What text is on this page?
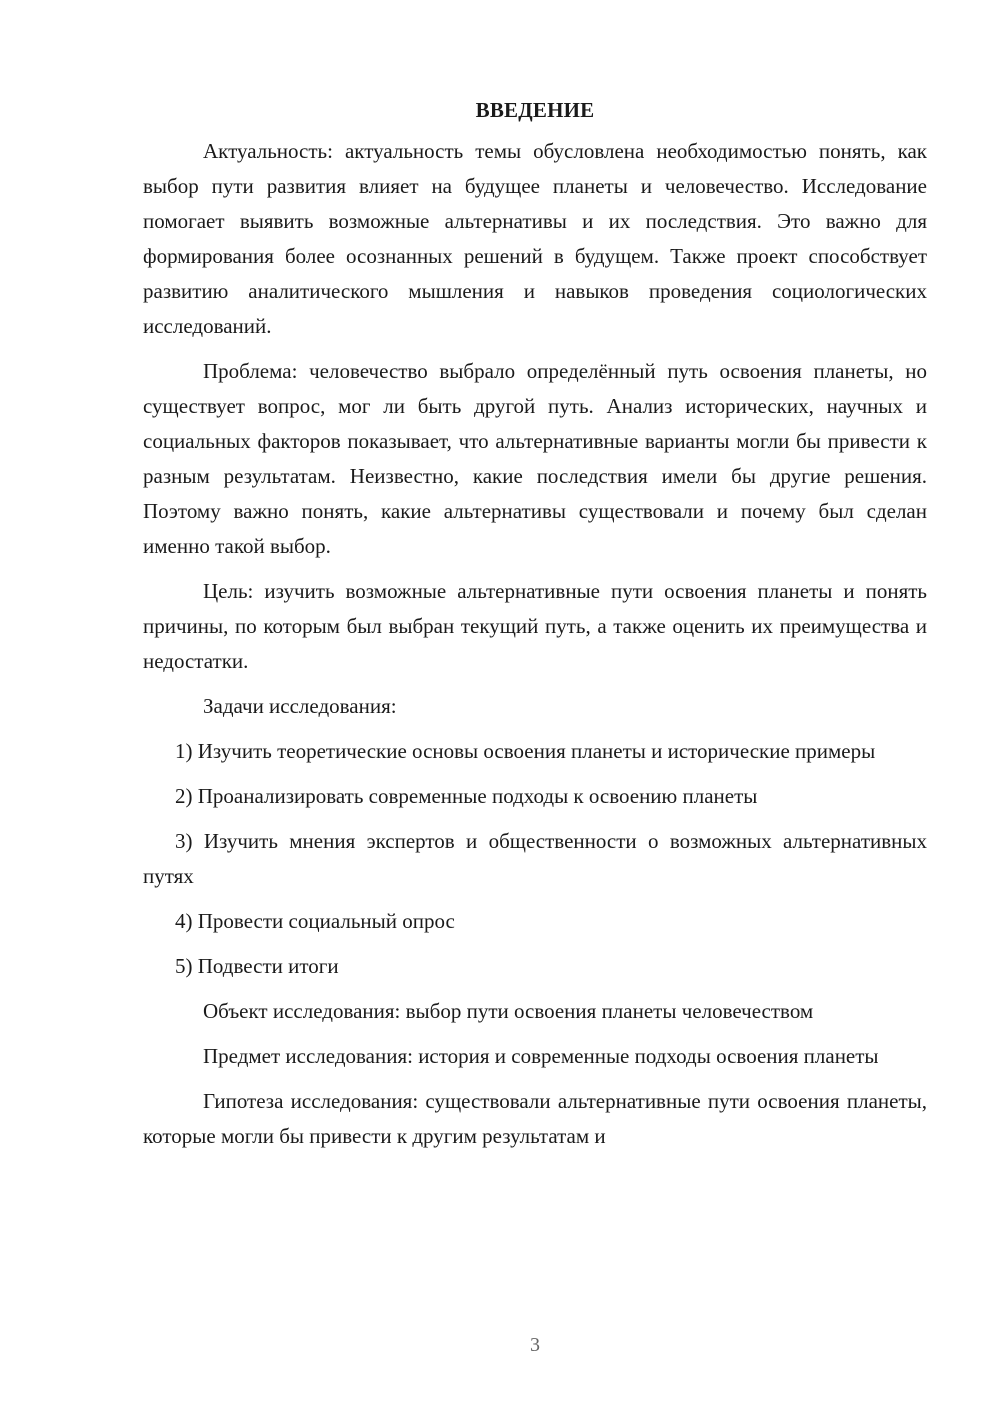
ВВЕДЕНИЕ
Актуальность: актуальность темы обусловлена необходимостью понять, как выбор пути развития влияет на будущее планеты и человечество. Исследование помогает выявить возможные альтернативы и их последствия. Это важно для формирования более осознанных решений в будущем. Также проект способствует развитию аналитического мышления и навыков проведения социологических исследований.
Проблема: человечество выбрало определённый путь освоения планеты, но существует вопрос, мог ли быть другой путь. Анализ исторических, научных и социальных факторов показывает, что альтернативные варианты могли бы привести к разным результатам. Неизвестно, какие последствия имели бы другие решения. Поэтому важно понять, какие альтернативы существовали и почему был сделан именно такой выбор.
Цель: изучить возможные альтернативные пути освоения планеты и понять причины, по которым был выбран текущий путь, а также оценить их преимущества и недостатки.
Задачи исследования:
1) Изучить теоретические основы освоения планеты и исторические примеры
2) Проанализировать современные подходы к освоению планеты
3) Изучить мнения экспертов и общественности о возможных альтернативных путях
4) Провести социальный опрос
5) Подвести итоги
Объект исследования: выбор пути освоения планеты человечеством
Предмет исследования: история и современные подходы освоения планеты
Гипотеза исследования: существовали альтернативные пути освоения планеты, которые могли бы привести к другим результатам и
3
